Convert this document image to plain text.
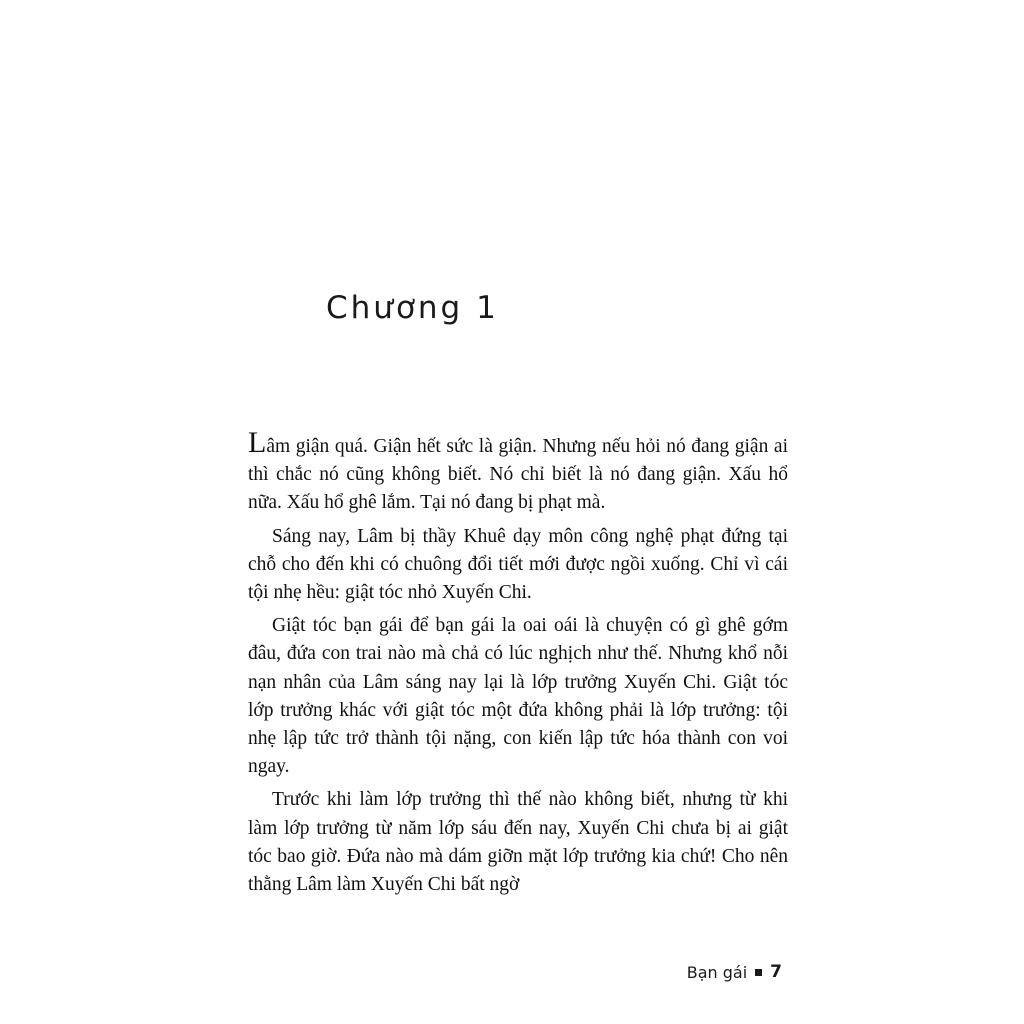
Chương 1

Lâm giận quá. Giận hết sức là giận. Nhưng nếu hỏi nó đang giận ai thì chắc nó cũng không biết. Nó chỉ biết là nó đang giận. Xấu hổ nữa. Xấu hổ ghê lắm. Tại nó đang bị phạt mà.

Sáng nay, Lâm bị thầy Khuê dạy môn công nghệ phạt đứng tại chỗ cho đến khi có chuông đổi tiết mới được ngồi xuống. Chỉ vì cái tội nhẹ hều: giật tóc nhỏ Xuyến Chi.

Giật tóc bạn gái để bạn gái la oai oái là chuyện có gì ghê gớm đâu, đứa con trai nào mà chả có lúc nghịch như thế. Nhưng khổ nỗi nạn nhân của Lâm sáng nay lại là lớp trưởng Xuyến Chi. Giật tóc lớp trưởng khác với giật tóc một đứa không phải là lớp trưởng: tội nhẹ lập tức trở thành tội nặng, con kiến lập tức hóa thành con voi ngay.

Trước khi làm lớp trưởng thì thế nào không biết, nhưng từ khi làm lớp trưởng từ năm lớp sáu đến nay, Xuyến Chi chưa bị ai giật tóc bao giờ. Đứa nào mà dám giỡn mặt lớp trưởng kia chứ! Cho nên thằng Lâm làm Xuyến Chi bất ngờ

Bạn gái 7
